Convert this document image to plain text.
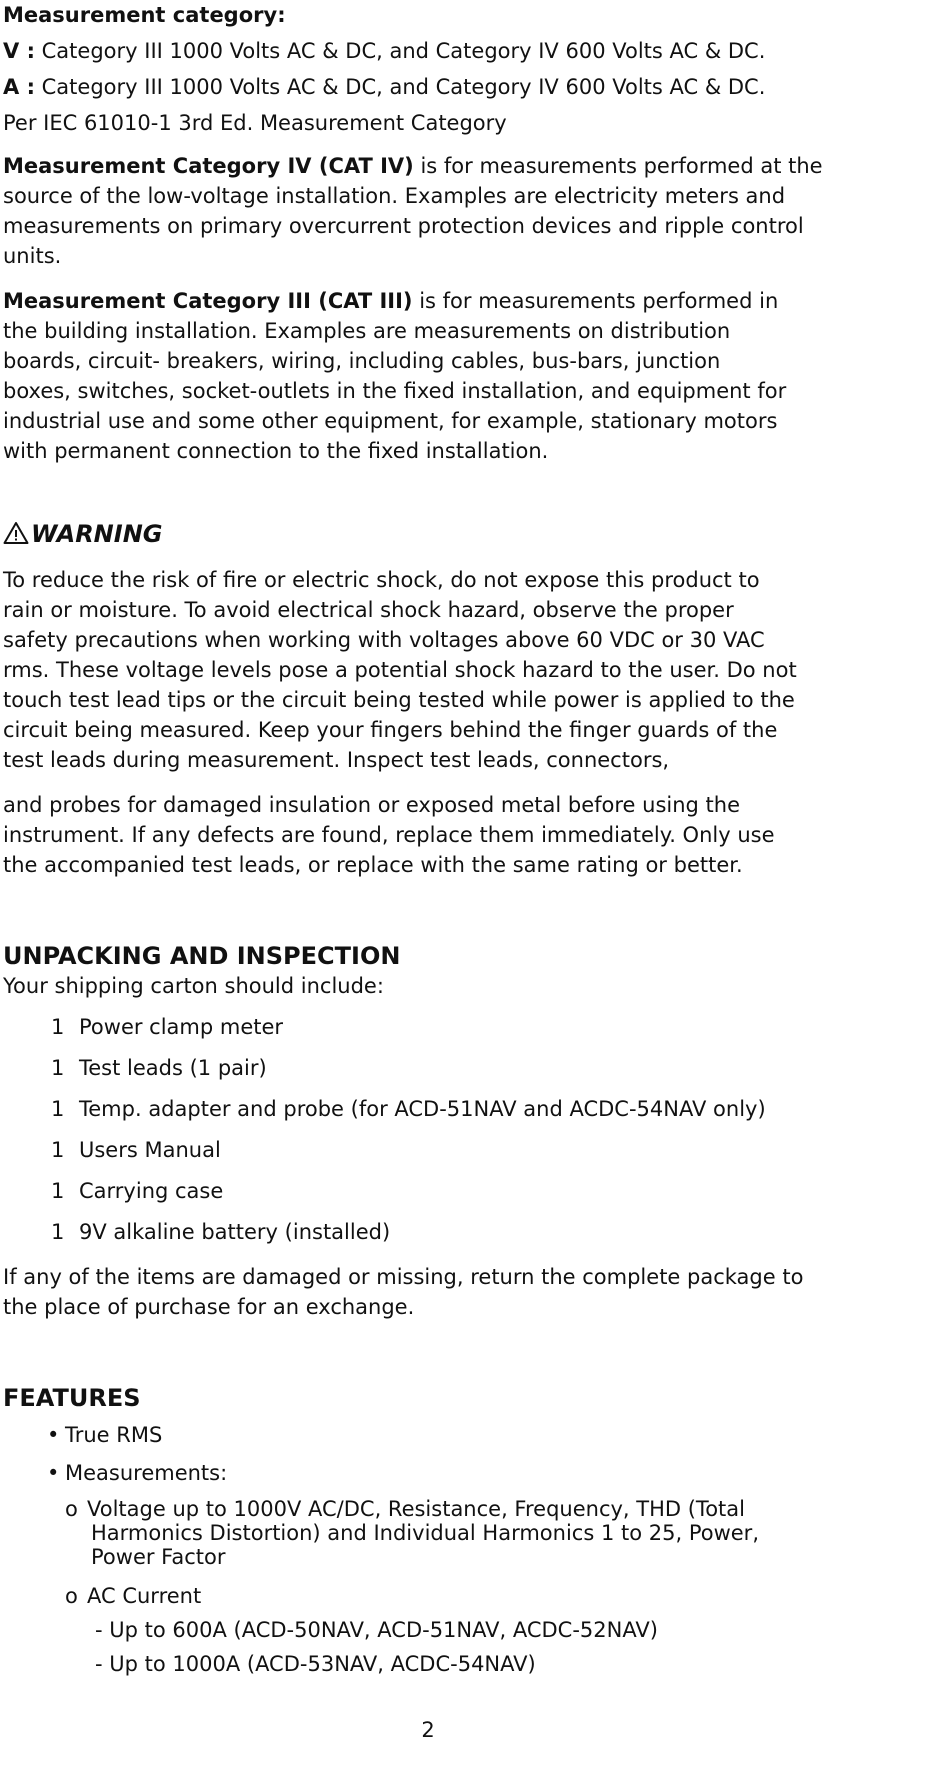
Measurement category:
V : Category III 1000 Volts AC & DC, and Category IV 600 Volts AC & DC.
A : Category III 1000 Volts AC & DC, and Category IV 600 Volts AC & DC.
Per IEC 61010-1 3rd Ed. Measurement Category
Measurement Category IV (CAT IV) is for measurements performed at the
source of the low-voltage installation. Examples are electricity meters and
measurements on primary overcurrent protection devices and ripple control
units.
Measurement Category III (CAT III) is for measurements performed in
the building installation. Examples are measurements on distribution
boards, circuit- breakers, wiring, including cables, bus-bars, junction
boxes, switches, socket-outlets in the fixed installation, and equipment for
industrial use and some other equipment, for example, stationary motors
with permanent connection to the fixed installation.
WARNING
To reduce the risk of fire or electric shock, do not expose this product to
rain or moisture. To avoid electrical shock hazard, observe the proper
safety precautions when working with voltages above 60 VDC or 30 VAC
rms. These voltage levels pose a potential shock hazard to the user. Do not
touch test lead tips or the circuit being tested while power is applied to the
circuit being measured. Keep your fingers behind the finger guards of the
test leads during measurement. Inspect test leads, connectors,
and probes for damaged insulation or exposed metal before using the
instrument. If any defects are found, replace them immediately. Only use
the accompanied test leads, or replace with the same rating or better.
UNPACKING AND INSPECTION
Your shipping carton should include:
1 Power clamp meter
1 Test leads (1 pair)
1 Temp. adapter and probe (for ACD-51NAV and ACDC-54NAV only)
1 Users Manual
1 Carrying case
1 9V alkaline battery (installed)
If any of the items are damaged or missing, return the complete package to
the place of purchase for an exchange.
FEATURES
• True RMS
• Measurements:
o Voltage up to 1000V AC/DC, Resistance, Frequency, THD (Total
Harmonics Distortion) and Individual Harmonics 1 to 25, Power,
Power Factor
o AC Current
- Up to 600A (ACD-50NAV, ACD-51NAV, ACDC-52NAV)
- Up to 1000A (ACD-53NAV, ACDC-54NAV)
2
